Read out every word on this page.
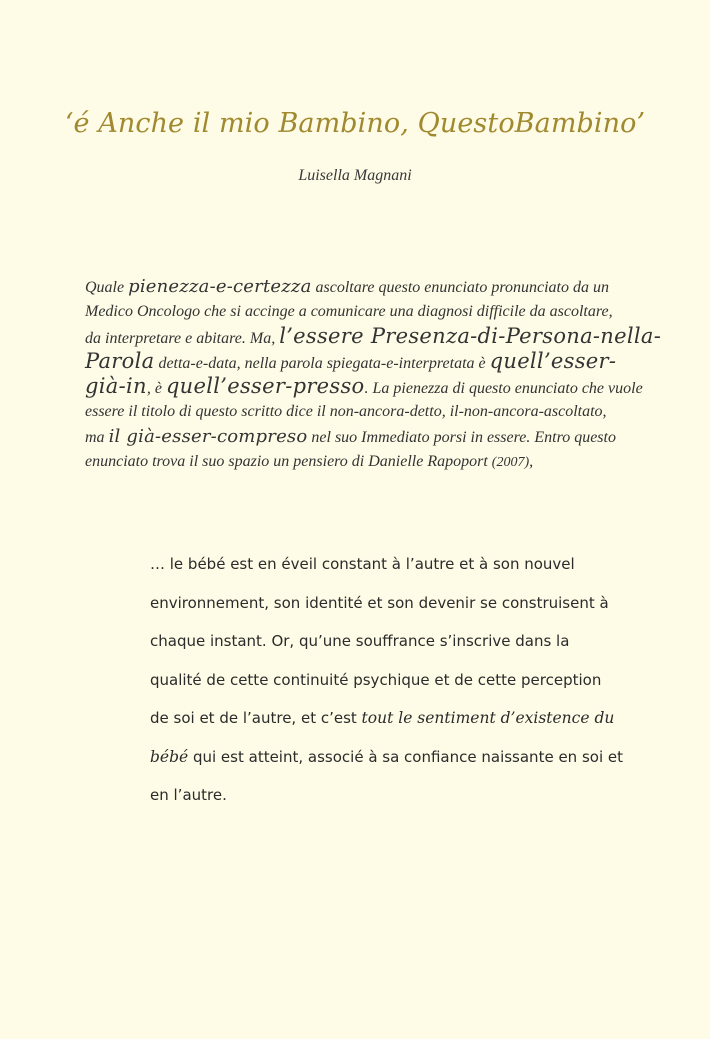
‘é Anche il mio Bambino, QuestoBambino’
Luisella Magnani
Quale pienezza-e-certezza ascoltare questo enunciato pronunciato da un
Medico Oncologo che si accinge a comunicare una diagnosi difficile da ascoltare,
da interpretare e abitare. Ma, l’essere Presenza-di-Persona-nella-
Parola detta-e-data, nella parola spiegata-e-interpretata è quell’esser-
già-in, è quell’esser-presso. La pienezza di questo enunciato che vuole
essere il titolo di questo scritto dice il non-ancora-detto, il-non-ancora-ascoltato,
ma il già-esser-compreso nel suo Immediato porsi in essere. Entro questo
enunciato trova il suo spazio un pensiero di Danielle Rapoport (2007),
… le bébé est en éveil constant à l’autre et à son nouvel
environnement, son identité et son devenir se construisent à
chaque instant. Or, qu’une souffrance s’inscrive dans la
qualité de cette continuité psychique et de cette perception
de soi et de l’autre, et c’est tout le sentiment d’existence du
bébé qui est atteint, associé à sa confiance naissante en soi et
en l’autre.
